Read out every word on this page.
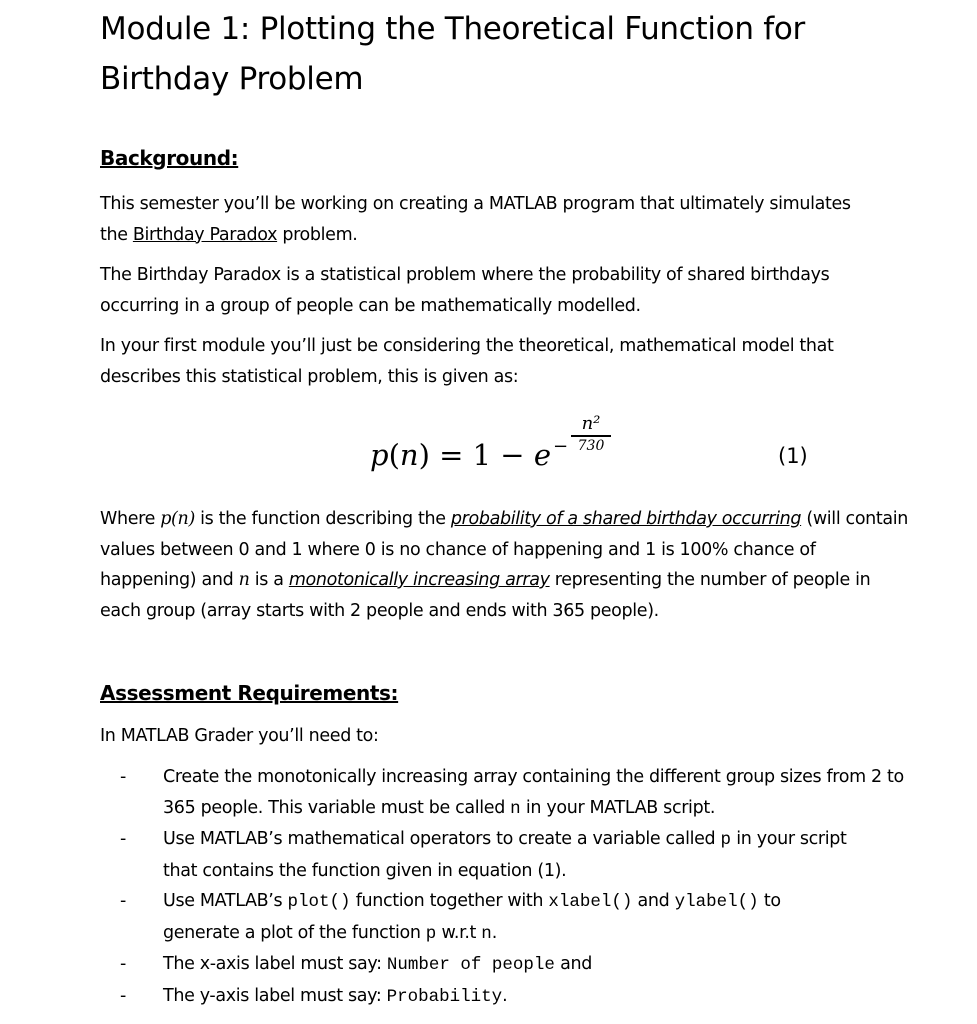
Module 1: Plotting the Theoretical Function for
Birthday Problem
Background:
This semester you’ll be working on creating a MATLAB program that ultimately simulates
the Birthday Paradox problem.
The Birthday Paradox is a statistical problem where the probability of shared birthdays occurring in a group of people can be mathematically modelled.
In your first module you’ll just be considering the theoretical, mathematical model that describes this statistical problem, this is given as:
p(n) = 1 − e −
n²
730	(1)
Where p(n) is the function describing the probability of a shared birthday occurring (will contain values between 0 and 1 where 0 is no chance of happening and 1 is 100% chance of happening) and n is a monotonically increasing array representing the number of people in each group (array starts with 2 people and ends with 365 people).
Assessment Requirements:
In MATLAB Grader you’ll need to:
- Create the monotonically increasing array containing the different group sizes from 2 to 365 people. This variable must be called n in your MATLAB script.
- Use MATLAB’s mathematical operators to create a variable called p in your script that contains the function given in equation (1).
- Use MATLAB’s plot() function together with xlabel() and ylabel() to generate a plot of the function p w.r.t n.
- The x-axis label must say: Number of people and
- The y-axis label must say: Probability.
